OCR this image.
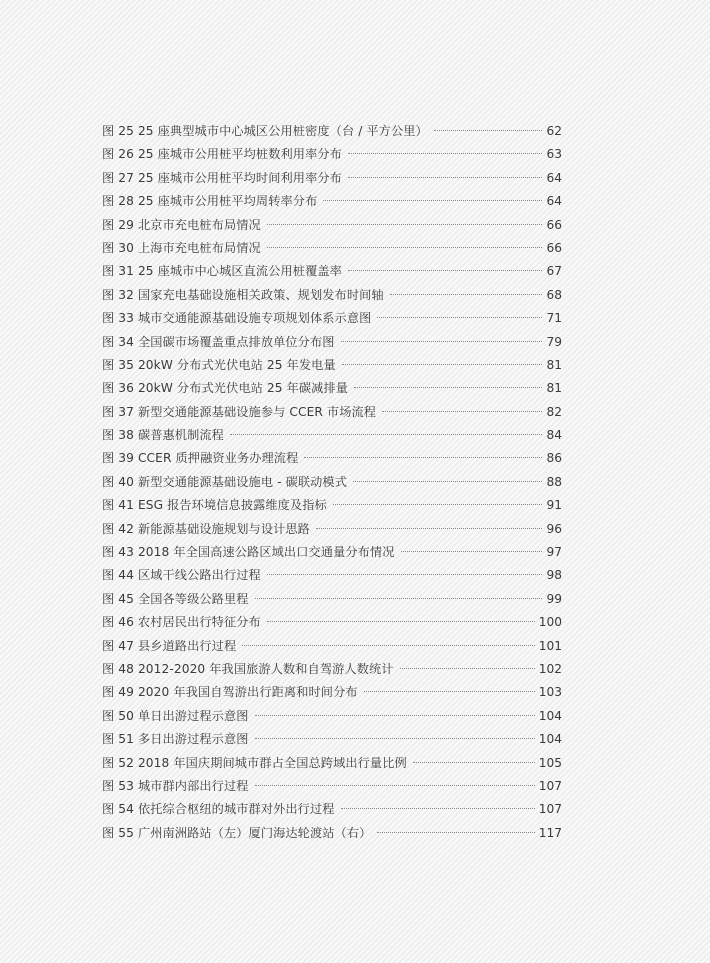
图 25 25 座典型城市中心城区公用桩密度（台 / 平方公里）	62
图 26 25 座城市公用桩平均桩数利用率分布	63
图 27 25 座城市公用桩平均时间利用率分布	64
图 28 25 座城市公用桩平均周转率分布	64
图 29 北京市充电桩布局情况	66
图 30 上海市充电桩布局情况	66
图 31 25 座城市中心城区直流公用桩覆盖率	67
图 32 国家充电基础设施相关政策、规划发布时间轴	68
图 33 城市交通能源基础设施专项规划体系示意图	71
图 34 全国碳市场覆盖重点排放单位分布图	79
图 35 20kW 分布式光伏电站 25 年发电量	81
图 36 20kW 分布式光伏电站 25 年碳减排量	81
图 37 新型交通能源基础设施参与 CCER 市场流程	82
图 38 碳普惠机制流程	84
图 39 CCER 质押融资业务办理流程	86
图 40 新型交通能源基础设施电 - 碳联动模式	88
图 41 ESG 报告环境信息披露维度及指标	91
图 42 新能源基础设施规划与设计思路	96
图 43 2018 年全国高速公路区域出口交通量分布情况	97
图 44 区域干线公路出行过程	98
图 45 全国各等级公路里程	99
图 46 农村居民出行特征分布	100
图 47 县乡道路出行过程	101
图 48 2012-2020 年我国旅游人数和自驾游人数统计	102
图 49 2020 年我国自驾游出行距离和时间分布	103
图 50 单日出游过程示意图	104
图 51 多日出游过程示意图	104
图 52 2018 年国庆期间城市群占全国总跨域出行量比例	105
图 53 城市群内部出行过程	107
图 54 依托综合枢纽的城市群对外出行过程	107
图 55 广州南洲路站（左）厦门海达轮渡站（右）	117
